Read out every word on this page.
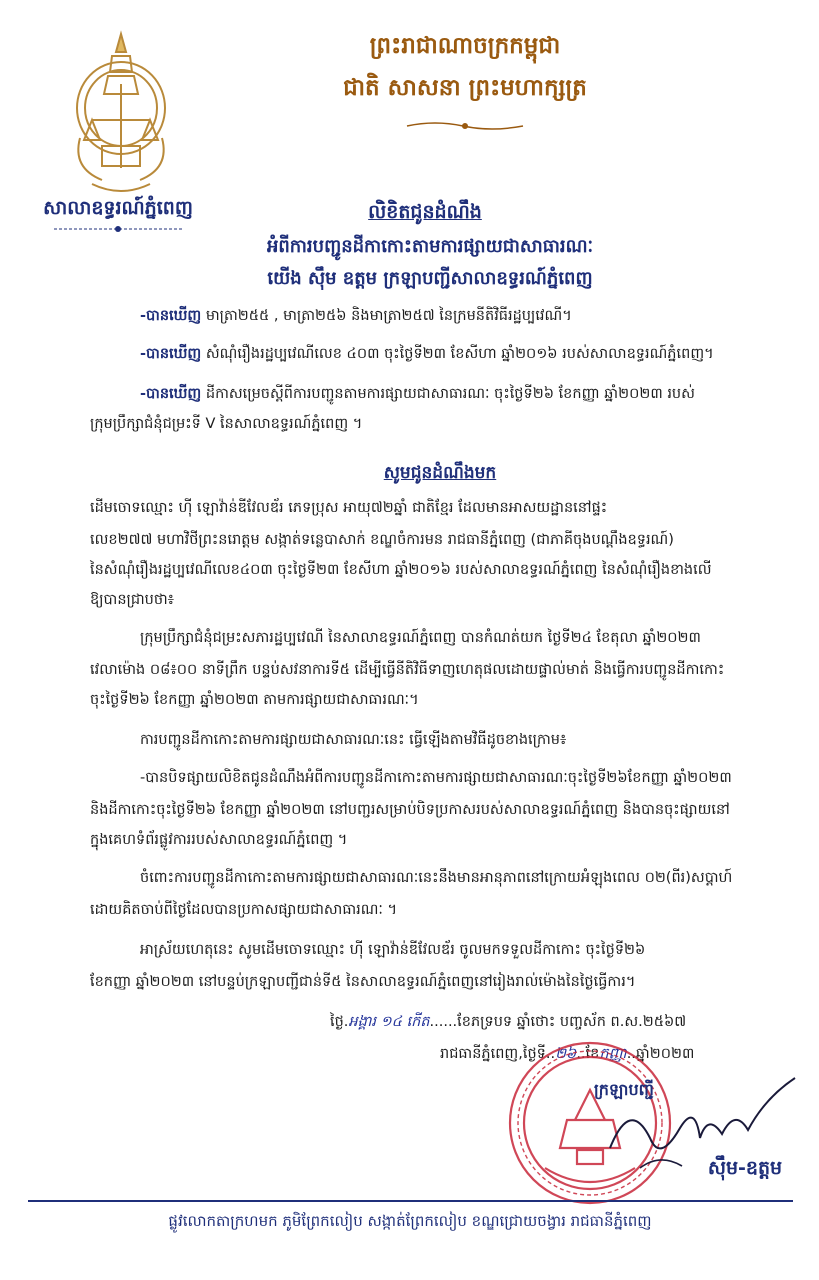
សាលាឧទ្ធរណ៍ភ្នំពេញ
ព្រះរាជាណាចក្រកម្ពុជា
ជាតិ សាសនា ព្រះមហាក្សត្រ
លិខិតជូនដំណឹង
អំពីការបញ្ជូនដីកាកោះតាមការផ្សាយជាសាធារណៈ
យើង ស៊ឹម ឧត្តម ក្រឡាបញ្ជីសាលាឧទ្ធរណ៍ភ្នំពេញ
-បានឃើញ មាត្រា២៥៥ , មាត្រា២៥៦ និងមាត្រា២៥៧ នៃក្រមនីតិវិធីរដ្ឋប្បវេណី។
-បានឃើញ សំណុំរឿងរដ្ឋប្បវេណីលេខ ៤០៣ ចុះថ្ងៃទី២៣ ខែសីហា ឆ្នាំ២០១៦ របស់សាលាឧទ្ធរណ៍ភ្នំពេញ។
-បានឃើញ ដីកាសម្រេចស្តីពីការបញ្ជូនតាមការផ្សាយជាសាធារណៈ ចុះថ្ងៃទី២៦ ខែកញ្ញា ឆ្នាំ២០២៣ របស់
ក្រុមប្រឹក្សាជំនុំជម្រះទី V នៃសាលាឧទ្ធរណ៍ភ្នំពេញ ។
សូមជូនដំណឹងមក
ដើមចោទឈ្មោះ ហ៊ី ឡោវ៉ាន់ឌីវែលឌ័រ ភេទប្រុស អាយុ៧២ឆ្នាំ ជាតិខ្មែរ ដែលមានអាសយដ្ឋាននៅផ្ទះ
លេខ២៧៧ មហាវិថីព្រះនរោត្តម សង្កាត់ទន្លេបាសាក់ ខណ្ឌចំការមន រាជធានីភ្នំពេញ (ជាភាគីចុងបណ្តឹងឧទ្ធរណ៍)
នៃសំណុំរឿងរដ្ឋប្បវេណីលេខ៤០៣ ចុះថ្ងៃទី២៣ ខែសីហា ឆ្នាំ២០១៦ របស់សាលាឧទ្ធរណ៍ភ្នំពេញ នៃសំណុំរឿងខាងលើ
ឱ្យបានជ្រាបថា៖
ក្រុមប្រឹក្សាជំនុំជម្រះសភារដ្ឋប្បវេណី នៃសាលាឧទ្ធរណ៍ភ្នំពេញ បានកំណត់យក ថ្ងៃទី២៤ ខែតុលា ឆ្នាំ២០២៣
វេលាម៉ោង ០៨៖០០ នាទីព្រឹក បន្ទប់សវនាការទី៥ ដើម្បីធ្វើនីតិវិធីទាញហេតុផលដោយផ្ទាល់មាត់ និងធ្វើការបញ្ជូនដីកាកោះ
ចុះថ្ងៃទី២៦ ខែកញ្ញា ឆ្នាំ២០២៣ តាមការផ្សាយជាសាធារណៈ។
ការបញ្ជូនដីកាកោះតាមការផ្សាយជាសាធារណៈនេះ ធ្វើឡើងតាមវិធីដូចខាងក្រោម៖
-បានបិទផ្សាយលិខិតជូនដំណឹងអំពីការបញ្ជូនដីកាកោះតាមការផ្សាយជាសាធារណៈចុះថ្ងៃទី២៦ខែកញ្ញា ឆ្នាំ២០២៣
និងដីកាកោះចុះថ្ងៃទី២៦ ខែកញ្ញា ឆ្នាំ២០២៣ នៅបញ្ជរសម្រាប់បិទប្រកាសរបស់សាលាឧទ្ធរណ៍ភ្នំពេញ និងបានចុះផ្សាយនៅ
ក្នុងគេហទំព័រផ្លូវការរបស់សាលាឧទ្ធរណ៍ភ្នំពេញ ។
ចំពោះការបញ្ជូនដីកាកោះតាមការផ្សាយជាសាធារណៈនេះនឹងមានអានុភាពនៅក្រោយអំឡុងពេល ០២(ពីរ)សប្តាហ៍
ដោយគិតចាប់ពីថ្ងៃដែលបានប្រកាសផ្សាយជាសាធារណៈ ។
អាស្រ័យហេតុនេះ សូមដើមចោទឈ្មោះ ហ៊ី ឡោវ៉ាន់ឌីវែលឌ័រ ចូលមកទទួលដីកាកោះ ចុះថ្ងៃទី២៦
ខែកញ្ញា ឆ្នាំ២០២៣ នៅបន្ទប់ក្រឡាបញ្ជីជាន់ទី៥ នៃសាលាឧទ្ធរណ៍ភ្នំពេញនៅរៀងរាល់ម៉ោងនៃថ្ងៃធ្វើការ។
ថ្ងៃ.អង្គារ ១៤ កើត......ខែភទ្របទ ឆ្នាំថោះ បញ្ចស័ក ព.ស.២៥៦៧
រាជធានីភ្នំពេញ,ថ្ងៃទី..២៦..ខែកញ្ញា..ឆ្នាំ២០២៣
ក្រឡាបញ្ជី
ស៊ឹម-ឧត្តម
ផ្លូវលោកតាក្រហមក ភូមិព្រែកលៀប សង្កាត់ព្រែកលៀប ខណ្ឌជ្រោយចង្វារ រាជធានីភ្នំពេញ
